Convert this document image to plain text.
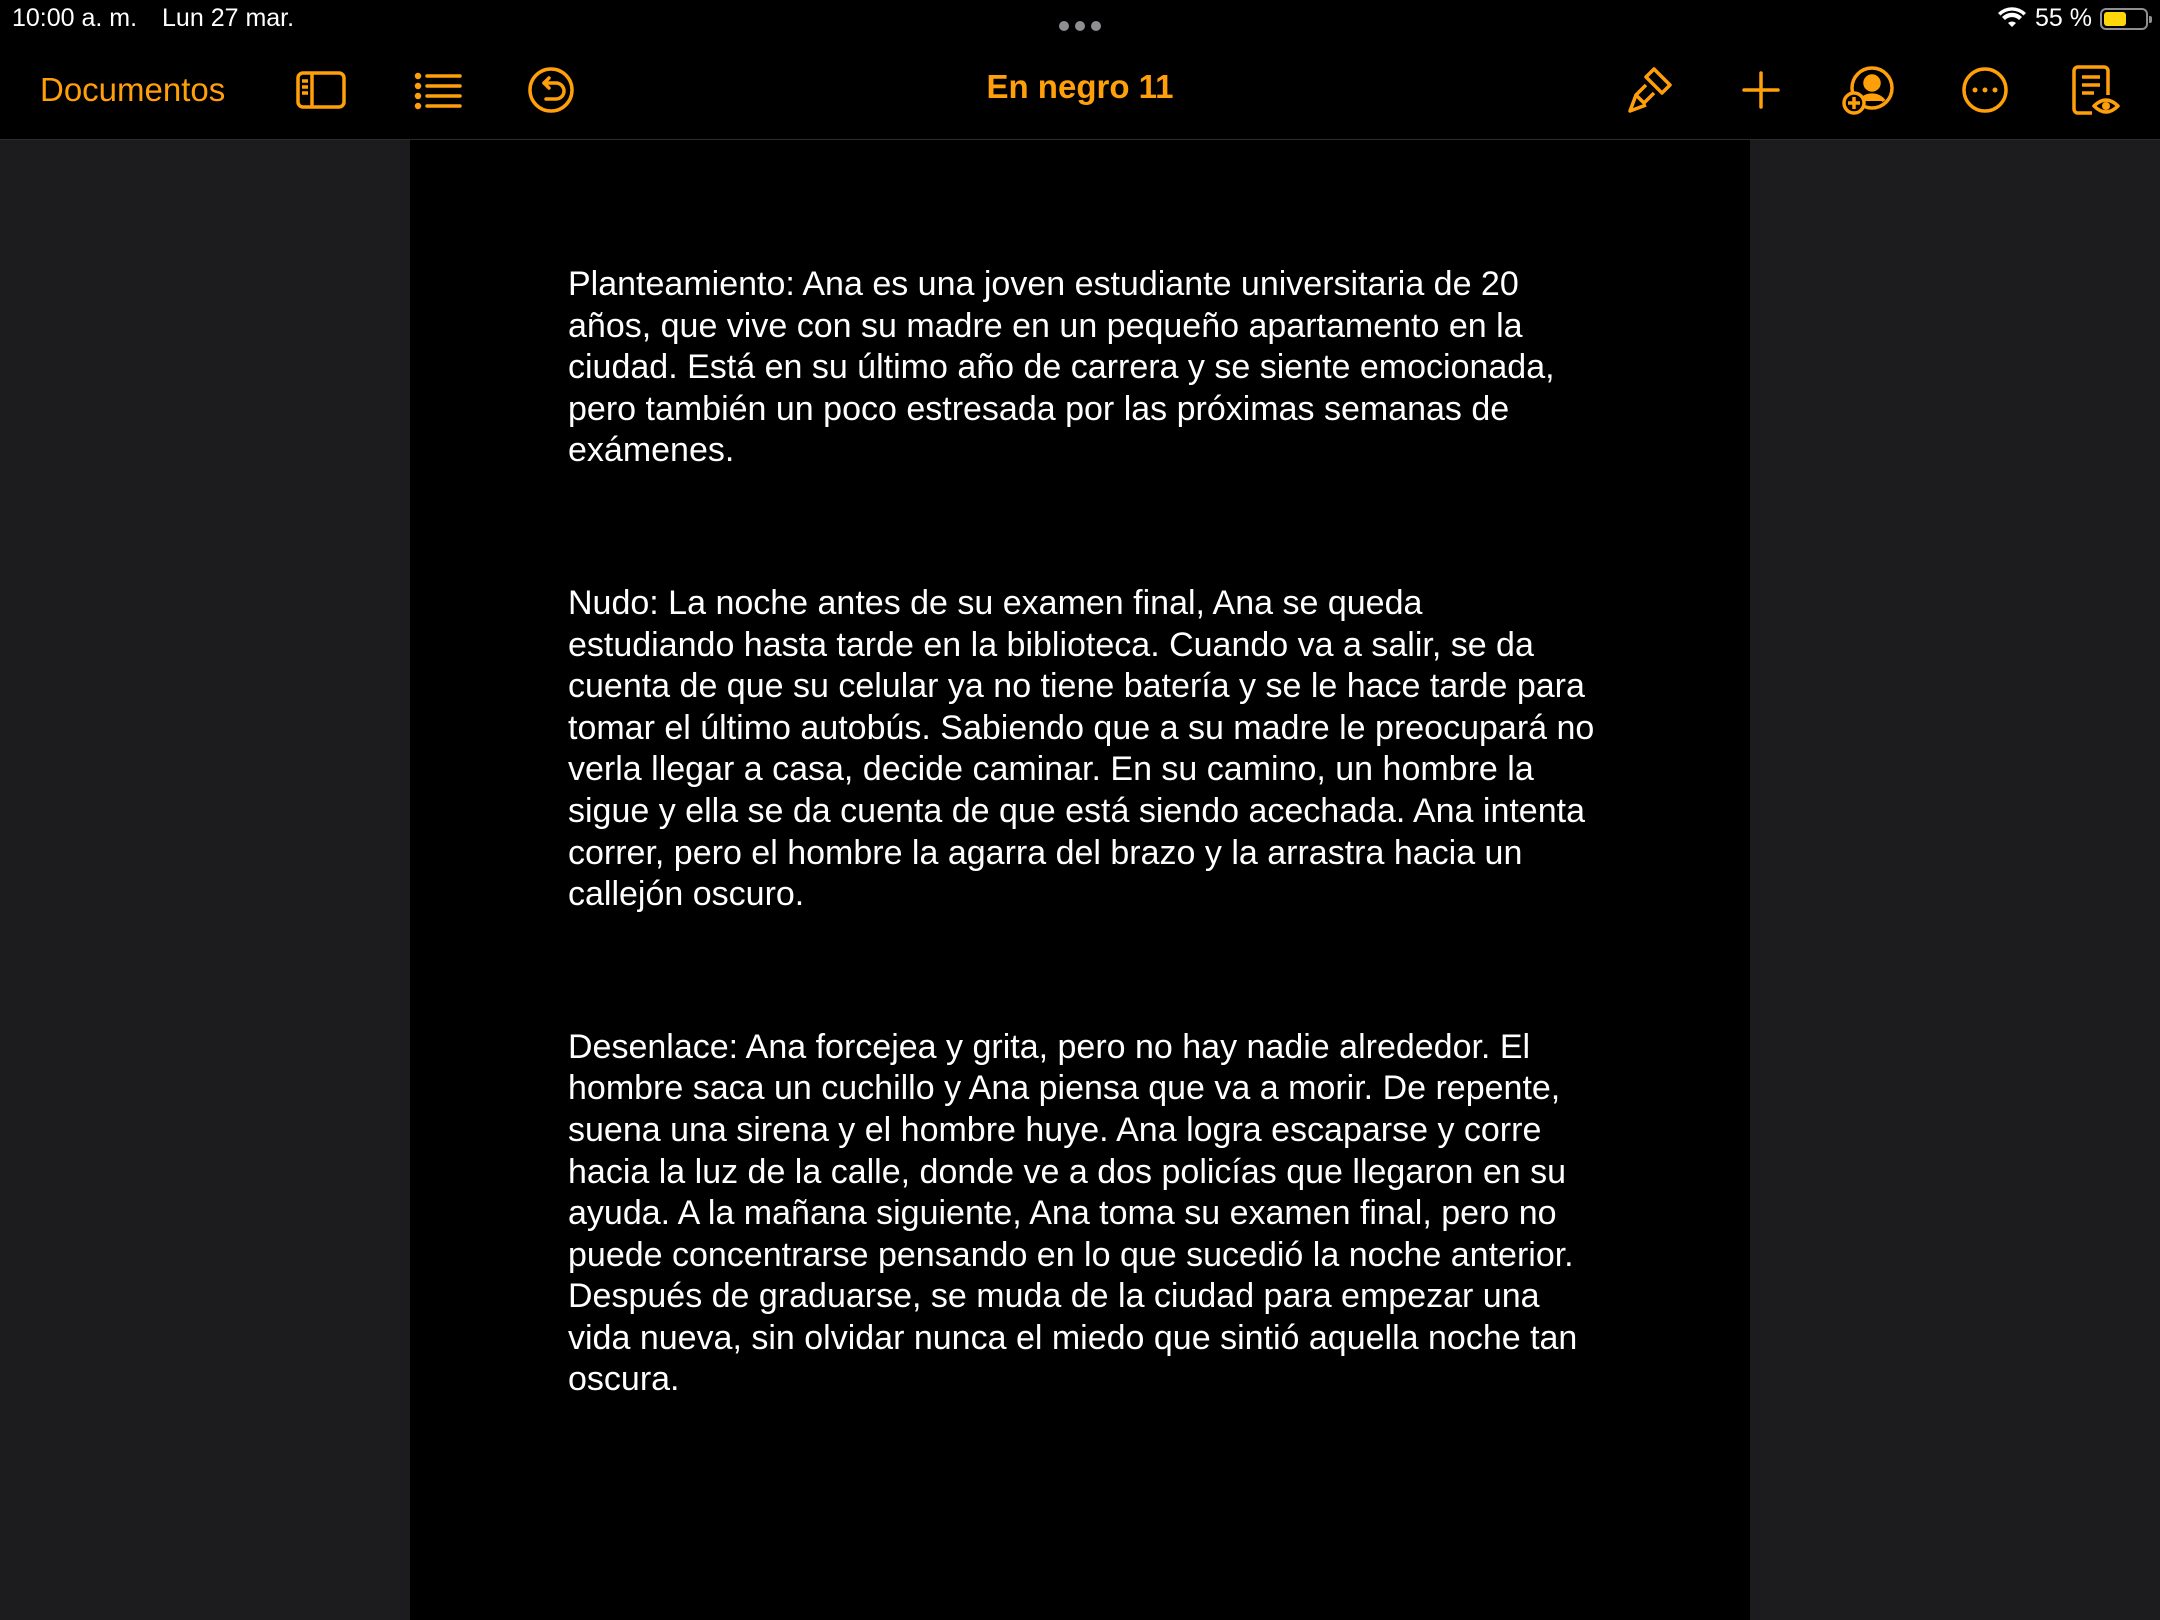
10:00 a. m. Lun 27 mar.	55 %
Documentos	En negro 11

Planteamiento: Ana es una joven estudiante universitaria de 20 años, que vive con su madre en un pequeño apartamento en la ciudad. Está en su último año de carrera y se siente emocionada, pero también un poco estresada por las próximas semanas de exámenes.

Nudo: La noche antes de su examen final, Ana se queda estudiando hasta tarde en la biblioteca. Cuando va a salir, se da cuenta de que su celular ya no tiene batería y se le hace tarde para tomar el último autobús. Sabiendo que a su madre le preocupará no verla llegar a casa, decide caminar. En su camino, un hombre la sigue y ella se da cuenta de que está siendo acechada. Ana intenta correr, pero el hombre la agarra del brazo y la arrastra hacia un callejón oscuro.

Desenlace: Ana forcejea y grita, pero no hay nadie alrededor. El hombre saca un cuchillo y Ana piensa que va a morir. De repente, suena una sirena y el hombre huye. Ana logra escaparse y corre hacia la luz de la calle, donde ve a dos policías que llegaron en su ayuda. A la mañana siguiente, Ana toma su examen final, pero no puede concentrarse pensando en lo que sucedió la noche anterior. Después de graduarse, se muda de la ciudad para empezar una vida nueva, sin olvidar nunca el miedo que sintió aquella noche tan oscura.
